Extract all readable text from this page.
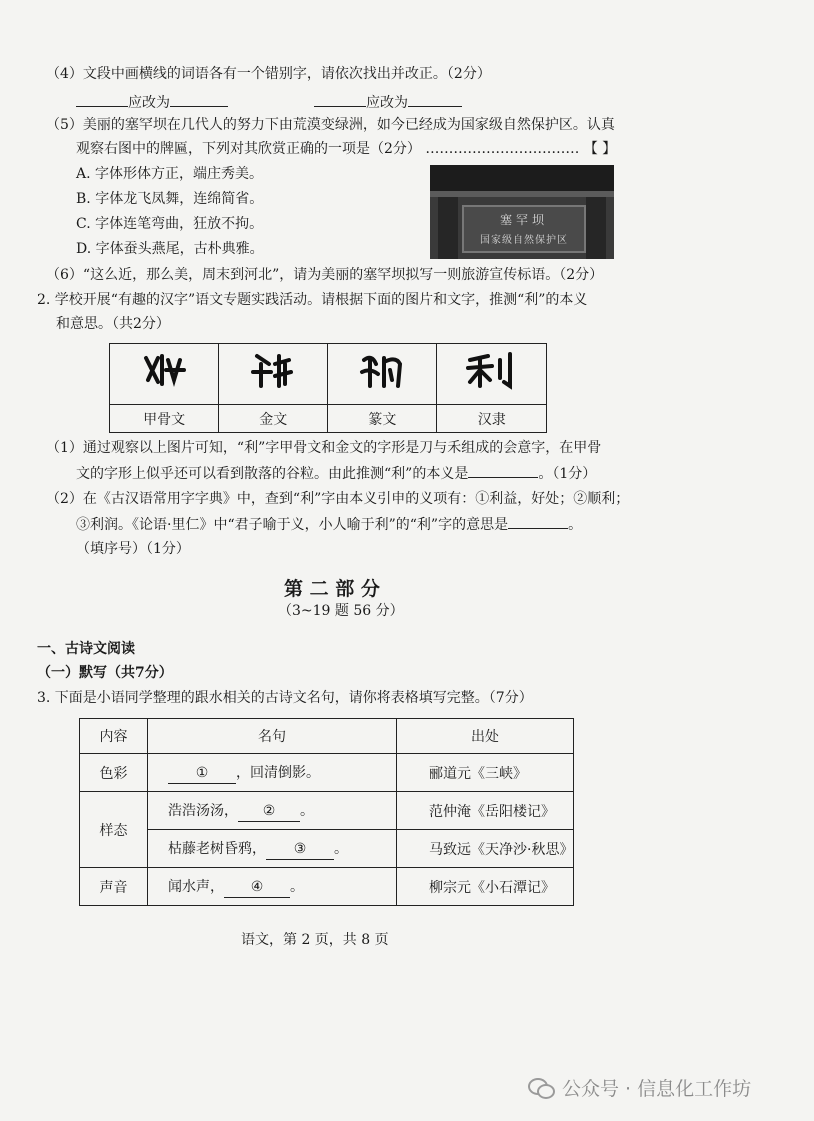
（4）文段中画横线的词语各有一个错别字，请依次找出并改正。（2分）
应改为	应改为
（5）美丽的塞罕坝在几代人的努力下由荒漠变绿洲，如今已经成为国家级自然保护区。认真
观察右图中的牌匾，下列对其欣赏正确的一项是（2分） …………………………… 【 】
A. 字体形体方正，端庄秀美。
B. 字体龙飞凤舞，连绵简省。
C. 字体连笔弯曲，狂放不拘。
D. 字体蚕头燕尾，古朴典雅。
塞罕坝
国家级自然保护区
（6）“这么近，那么美，周末到河北”，请为美丽的塞罕坝拟写一则旅游宣传标语。（2分）
2. 学校开展“有趣的汉字”语文专题实践活动。请根据下面的图片和文字，推测“利”的本义
和意思。（共2分）

甲骨文	金文	篆文	汉隶
（1）通过观察以上图片可知，“利”字甲骨文和金文的字形是刀与禾组成的会意字，在甲骨
文的字形上似乎还可以看到散落的谷粒。由此推测“利”的本义是	。（1分）
（2）在《古汉语常用字字典》中，查到“利”字由本义引申的义项有：①利益，好处；②顺利；
③利润。《论语·里仁》中“君子喻于义，小人喻于利”的“利”字的意思是	。
（填序号）（1分）
第 二 部 分
（3~19 题 56 分）
一、古诗文阅读
（一）默写（共7分）
3. 下面是小语同学整理的跟水相关的古诗文名句，请你将表格填写完整。（7分）
内容	名句	出处
色彩	① ，回清倒影。	郦道元《三峡》
样态	浩浩汤汤， ② 。	范仲淹《岳阳楼记》
	枯藤老树昏鸦， ③ 。	马致远《天净沙·秋思》
声音	闻水声， ④ 。	柳宗元《小石潭记》
语文，第 2 页，共 8 页
公众号 · 信息化工作坊
